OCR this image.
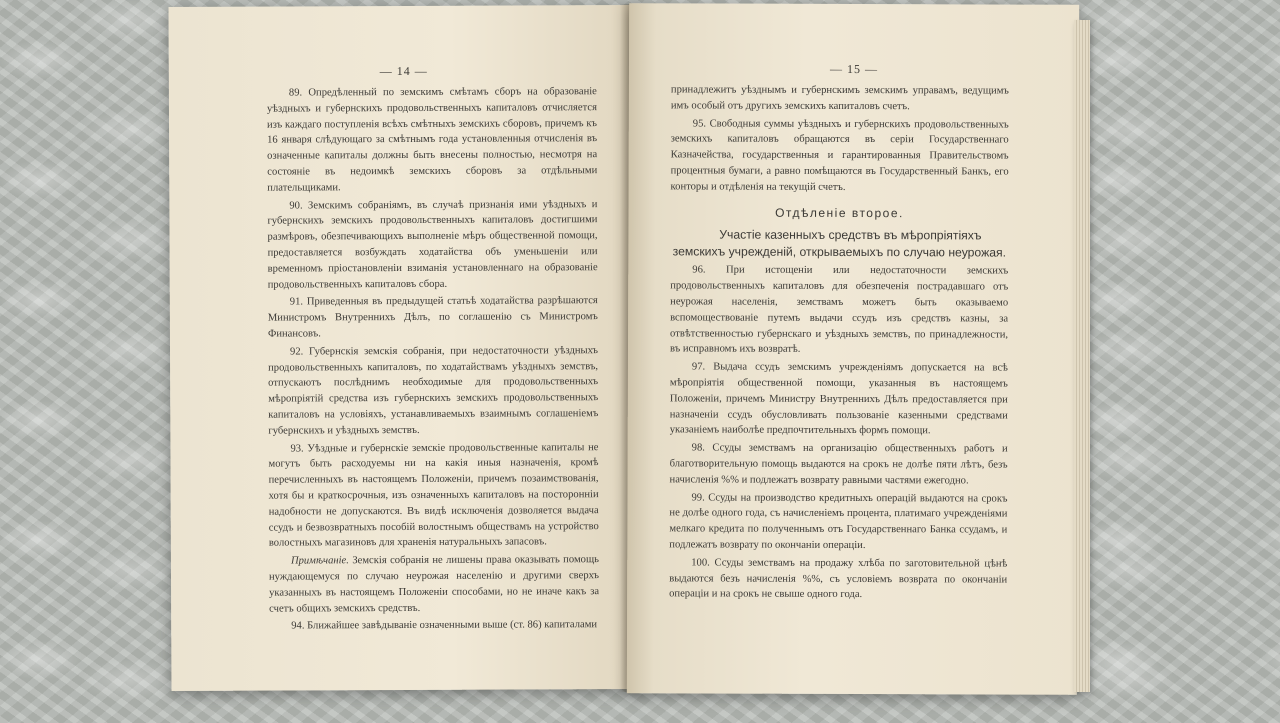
— 14 —

89. Опредѣленный по земскимъ смѣтамъ сборъ на образованіе уѣздныхъ и губернскихъ продовольственныхъ капиталовъ отчисляется изъ каждаго поступленія всѣхъ смѣтныхъ земскихъ сборовъ, причемъ къ 16 января слѣдующаго за смѣтнымъ года установленныя отчисленія въ означенные капиталы должны быть внесены полностью, несмотря на состояніе въ недоимкѣ земскихъ сборовъ за отдѣльными плательщиками.

90. Земскимъ собраніямъ, въ случаѣ признанія ими уѣздныхъ и губернскихъ земскихъ продовольственныхъ капиталовъ достигшими размѣровъ, обезпечивающихъ выполненіе мѣръ общественной помощи, предоставляется возбуждать ходатайства объ уменьшеніи или временномъ пріостановленіи взиманія установленнаго на образованіе продовольственныхъ капиталовъ сбора.

91. Приведенныя въ предыдущей статьѣ ходатайства разрѣшаются Министромъ Внутреннихъ Дѣлъ, по соглашенію съ Министромъ Финансовъ.

92. Губернскія земскія собранія, при недостаточности уѣздныхъ продовольственныхъ капиталовъ, по ходатайствамъ уѣздныхъ земствъ, отпускаютъ послѣднимъ необходимые для продовольственныхъ мѣропріятій средства изъ губернскихъ земскихъ продовольственныхъ капиталовъ на условіяхъ, устанавливаемыхъ взаимнымъ соглашеніемъ губернскихъ и уѣздныхъ земствъ.

93. Уѣздные и губернскіе земскіе продовольственные капиталы не могутъ быть расходуемы ни на какія иныя назначенія, кромѣ перечисленныхъ въ настоящемъ Положеніи, причемъ позаимствованія, хотя бы и краткосрочныя, изъ означенныхъ капиталовъ на посторонніи надобности не допускаются. Въ видѣ исключенія дозволяется выдача ссудъ и безвозвратныхъ пособій волостнымъ обществамъ на устройство волостныхъ магазиновъ для храненія натуральныхъ запасовъ.

Примѣчаніе. Земскія собранія не лишены права оказывать помощь нуждающемуся по случаю неурожая населенію и другими сверхъ указанныхъ въ настоящемъ Положеніи способами, но не иначе какъ за счетъ общихъ земскихъ средствъ.

94. Ближайшее завѣдываніе означенными выше (ст. 86) капиталами

— 15 —

принадлежитъ уѣзднымъ и губернскимъ земскимъ управамъ, ведущимъ имъ особый отъ другихъ земскихъ капиталовъ счетъ.

95. Свободныя суммы уѣздныхъ и губернскихъ продовольственныхъ земскихъ капиталовъ обращаются въ серіи Государственнаго Казначейства, государственныя и гарантированныя Правительствомъ процентныя бумаги, а равно помѣщаются въ Государственный Банкъ, его конторы и отдѣленія на текущій счетъ.

Отдѣленіе второе.

Участіе казенныхъ средствъ въ мѣропріятіяхъ земскихъ учрежденій, открываемыхъ по случаю неурожая.

96. При истощеніи или недостаточности земскихъ продовольственныхъ капиталовъ для обезпеченія пострадавшаго отъ неурожая населенія, земствамъ можетъ быть оказываемо вспомоществованіе путемъ выдачи ссудъ изъ средствъ казны, за отвѣтственностью губернскаго и уѣздныхъ земствъ, по принадлежности, въ исправномъ ихъ возвратѣ.

97. Выдача ссудъ земскимъ учрежденіямъ допускается на всѣ мѣропріятія общественной помощи, указанныя въ настоящемъ Положеніи, причемъ Министру Внутреннихъ Дѣлъ предоставляется при назначеніи ссудъ обусловливать пользованіе казенными средствами указаніемъ наиболѣе предпочтительныхъ формъ помощи.

98. Ссуды земствамъ на организацію общественныхъ работъ и благотворительную помощь выдаются на срокъ не долѣе пяти лѣтъ, безъ начисленія %% и подлежатъ возврату равными частями ежегодно.

99. Ссуды на производство кредитныхъ операцій выдаются на срокъ не долѣе одного года, съ начисленіемъ процента, платимаго учрежденіями мелкаго кредита по полученнымъ отъ Государственнаго Банка ссудамъ, и подлежатъ возврату по окончаніи операціи.

100. Ссуды земствамъ на продажу хлѣба по заготовительной цѣнѣ выдаются безъ начисленія %%, съ условіемъ возврата по окончаніи операціи и на срокъ не свыше одного года.
